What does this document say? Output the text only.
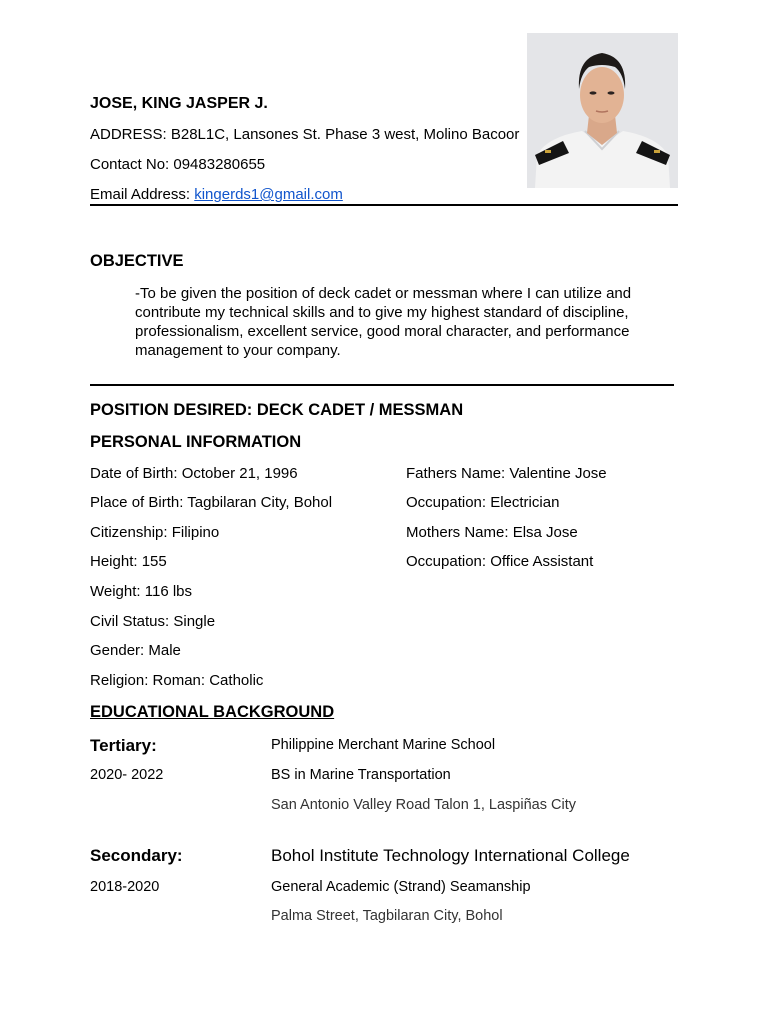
JOSE, KING JASPER J.
ADDRESS: B28L1C, Lansones St. Phase 3 west, Molino Bacoor
Contact No: 09483280655
Email Address: kingerds1@gmail.com
OBJECTIVE
-To be given the position of deck cadet or messman where I can utilize and contribute my technical skills and to give my highest standard of discipline, professionalism, excellent service, good moral character, and performance management to your company.
POSITION DESIRED: DECK CADET / MESSMAN
PERSONAL INFORMATION
Date of Birth: October 21, 1996
Place of Birth: Tagbilaran City, Bohol
Citizenship: Filipino
Height: 155
Weight: 116 lbs
Civil Status: Single
Gender: Male
Religion: Roman: Catholic
Fathers Name: Valentine Jose
Occupation: Electrician
Mothers Name: Elsa Jose
Occupation: Office Assistant
EDUCATIONAL BACKGROUND
Tertiary:
2020- 2022
Philippine Merchant Marine School
BS in Marine Transportation
San Antonio Valley Road Talon 1, Laspiñas City
Secondary:
2018-2020
Bohol Institute Technology International College
General Academic (Strand) Seamanship
Palma Street, Tagbilaran City, Bohol
